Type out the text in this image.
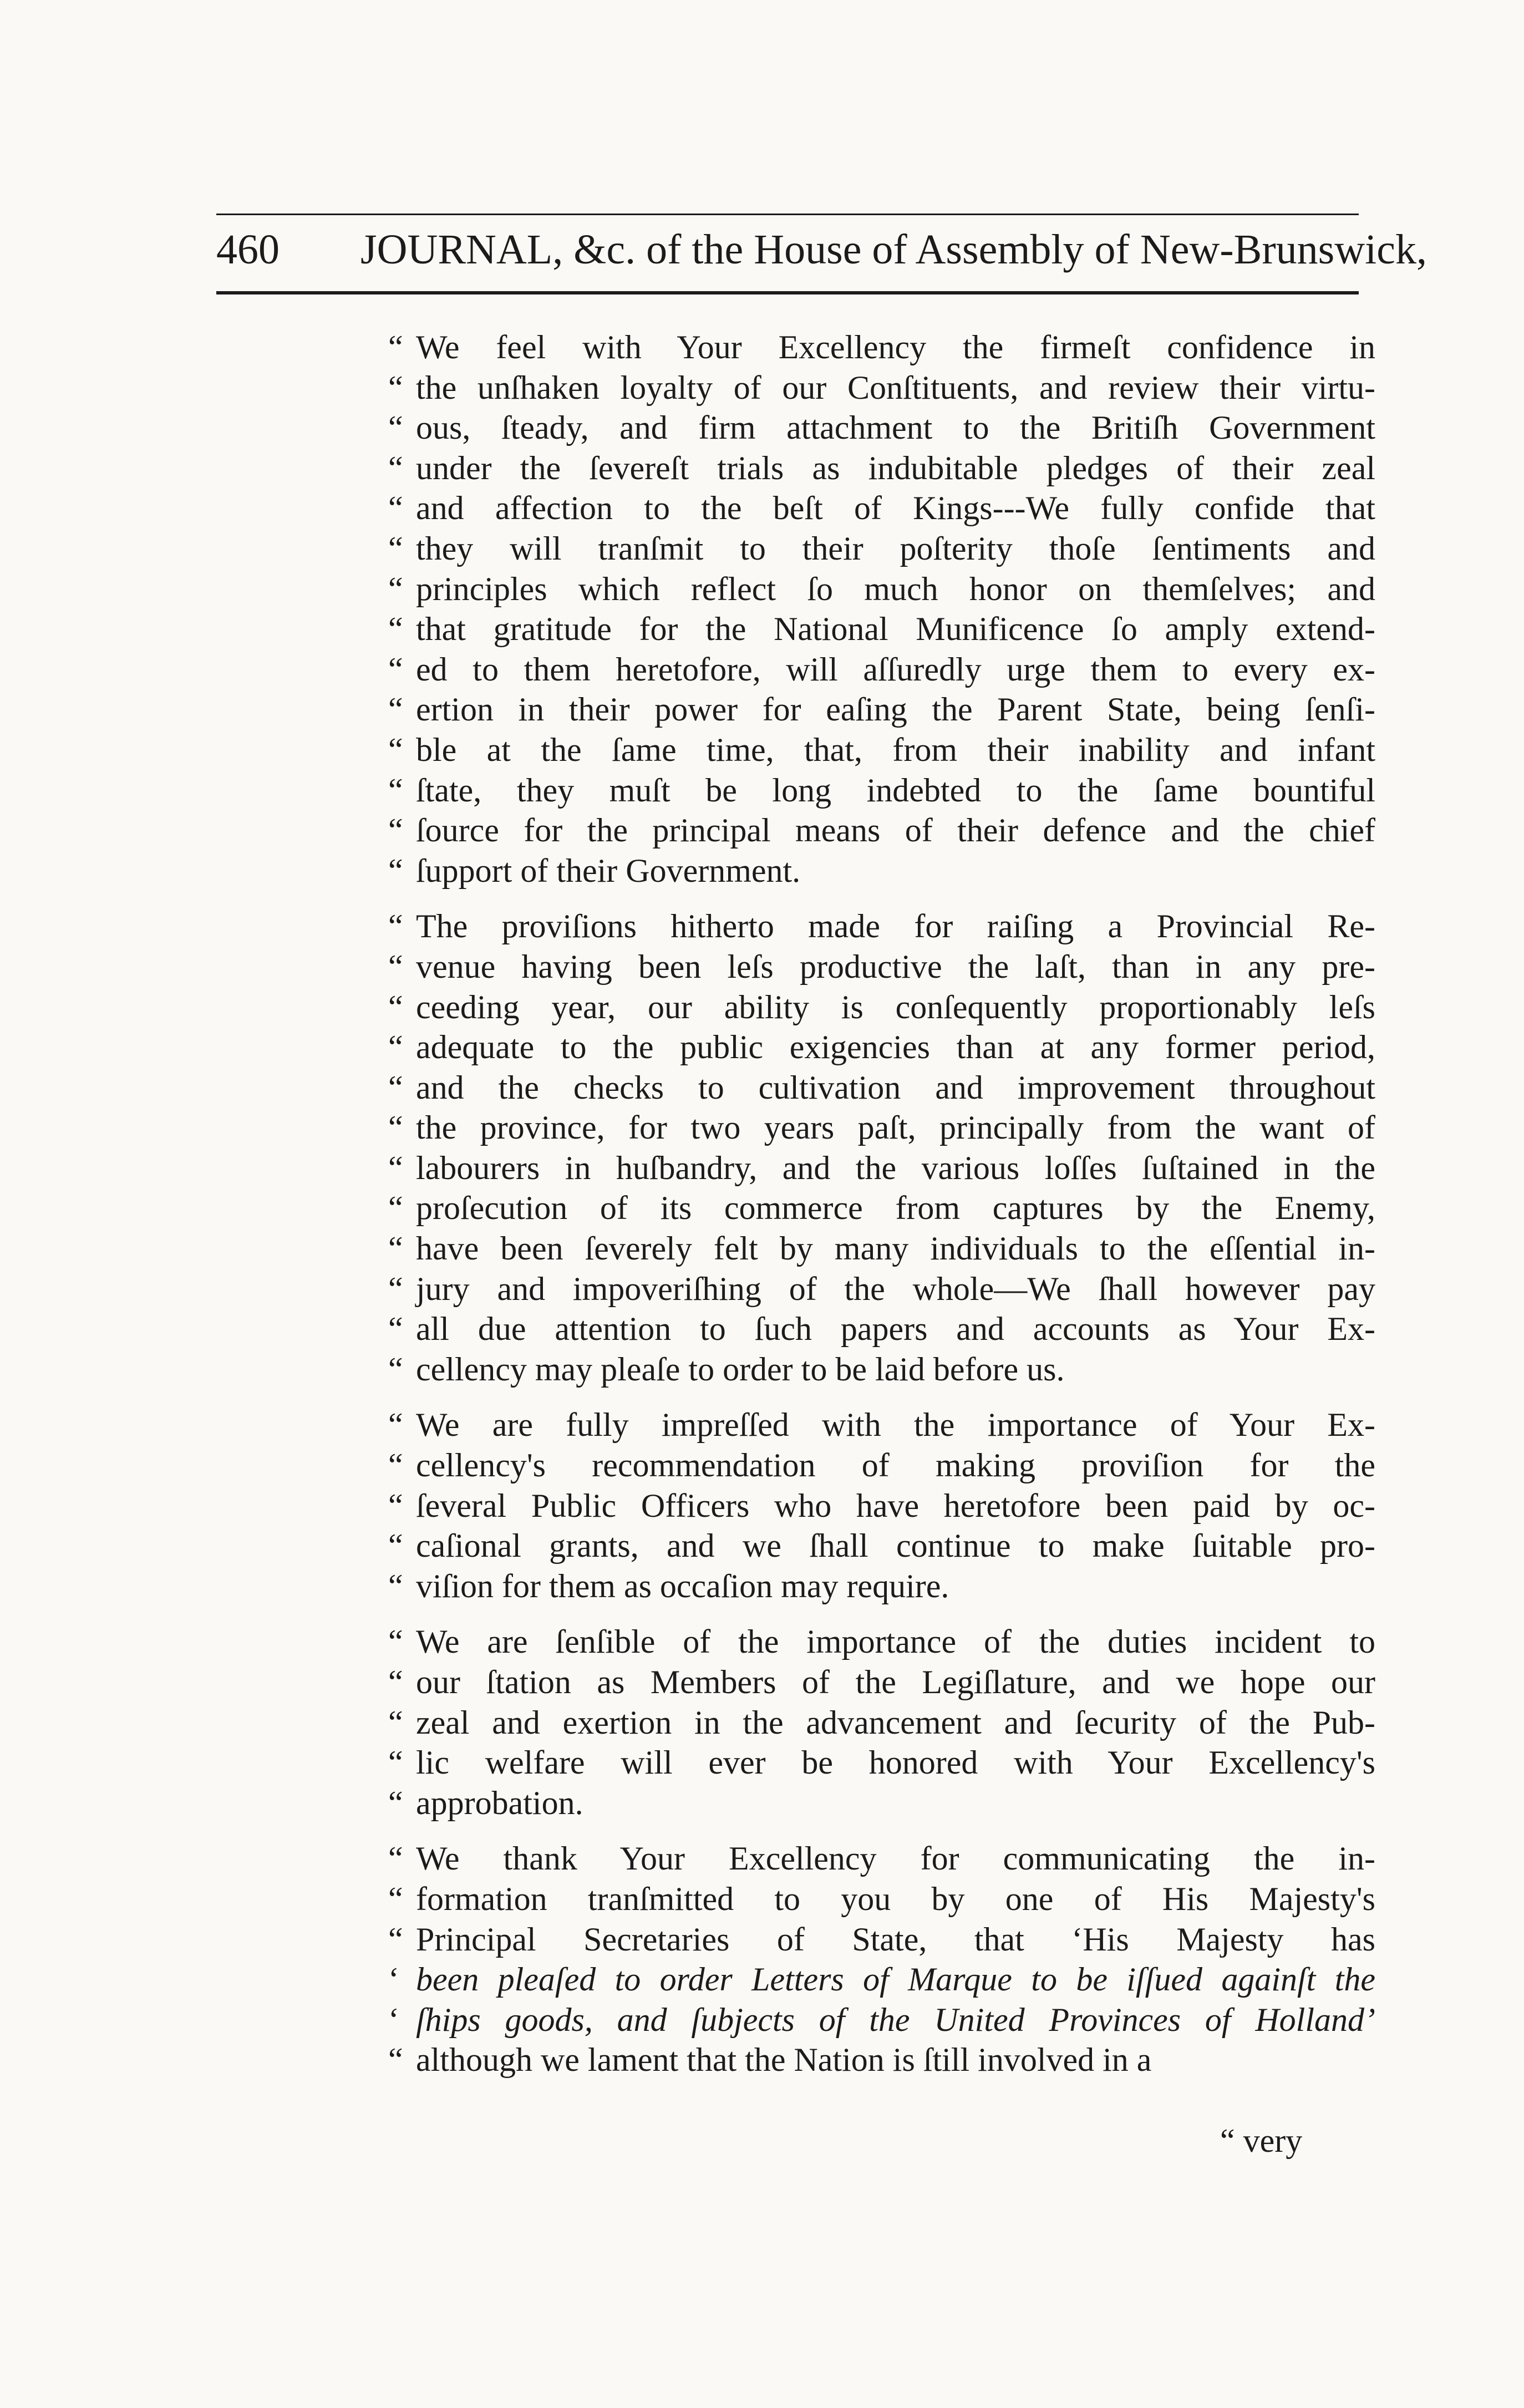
460 JOURNAL, &c. of the House of Assembly of New-Brunswick,
“ We feel with Your Excellency the firmeſt confidence in
“ the unſhaken loyalty of our Conſtituents, and review their virtu-
“ ous, ſteady, and firm attachment to the Britiſh Government
“ under the ſevereſt trials as indubitable pledges of their zeal
“ and affection to the beſt of Kings---We fully confide that
“ they will tranſmit to their poſterity thoſe ſentiments and
“ principles which reflect ſo much honor on themſelves; and
“ that gratitude for the National Munificence ſo amply extend-
“ ed to them heretofore, will aſſuredly urge them to every ex-
“ ertion in their power for eaſing the Parent State, being ſenſi-
“ ble at the ſame time, that, from their inability and infant
“ ſtate, they muſt be long indebted to the ſame bountiful
“ ſource for the principal means of their defence and the chief
“ ſupport of their Government.
“ The proviſions hitherto made for raiſing a Provincial Re-
“ venue having been leſs productive the laſt, than in any pre-
“ ceeding year, our ability is conſequently proportionably leſs
“ adequate to the public exigencies than at any former period,
“ and the checks to cultivation and improvement throughout
“ the province, for two years paſt, principally from the want of
“ labourers in huſbandry, and the various loſſes ſuſtained in the
“ proſecution of its commerce from captures by the Enemy,
“ have been ſeverely felt by many individuals to the eſſential in-
“ jury and impoveriſhing of the whole—We ſhall however pay
“ all due attention to ſuch papers and accounts as Your Ex-
“ cellency may pleaſe to order to be laid before us.
“ We are fully impreſſed with the importance of Your Ex-
“ cellency's recommendation of making proviſion for the
“ ſeveral Public Officers who have heretofore been paid by oc-
“ caſional grants, and we ſhall continue to make ſuitable pro-
“ viſion for them as occaſion may require.
“ We are ſenſible of the importance of the duties incident to
“ our ſtation as Members of the Legiſlature, and we hope our
“ zeal and exertion in the advancement and ſecurity of the Pub-
“ lic welfare will ever be honored with Your Excellency's
“ approbation.
“ We thank Your Excellency for communicating the in-
“ formation tranſmitted to you by one of His Majesty's
“ Principal Secretaries of State, that ‘His Majesty has
‘ been pleaſed to order Letters of Marque to be iſſued againſt the
‘ ſhips goods, and ſubjects of the United Provinces of Holland’
“ although we lament that the Nation is ſtill involved in a
“ very
